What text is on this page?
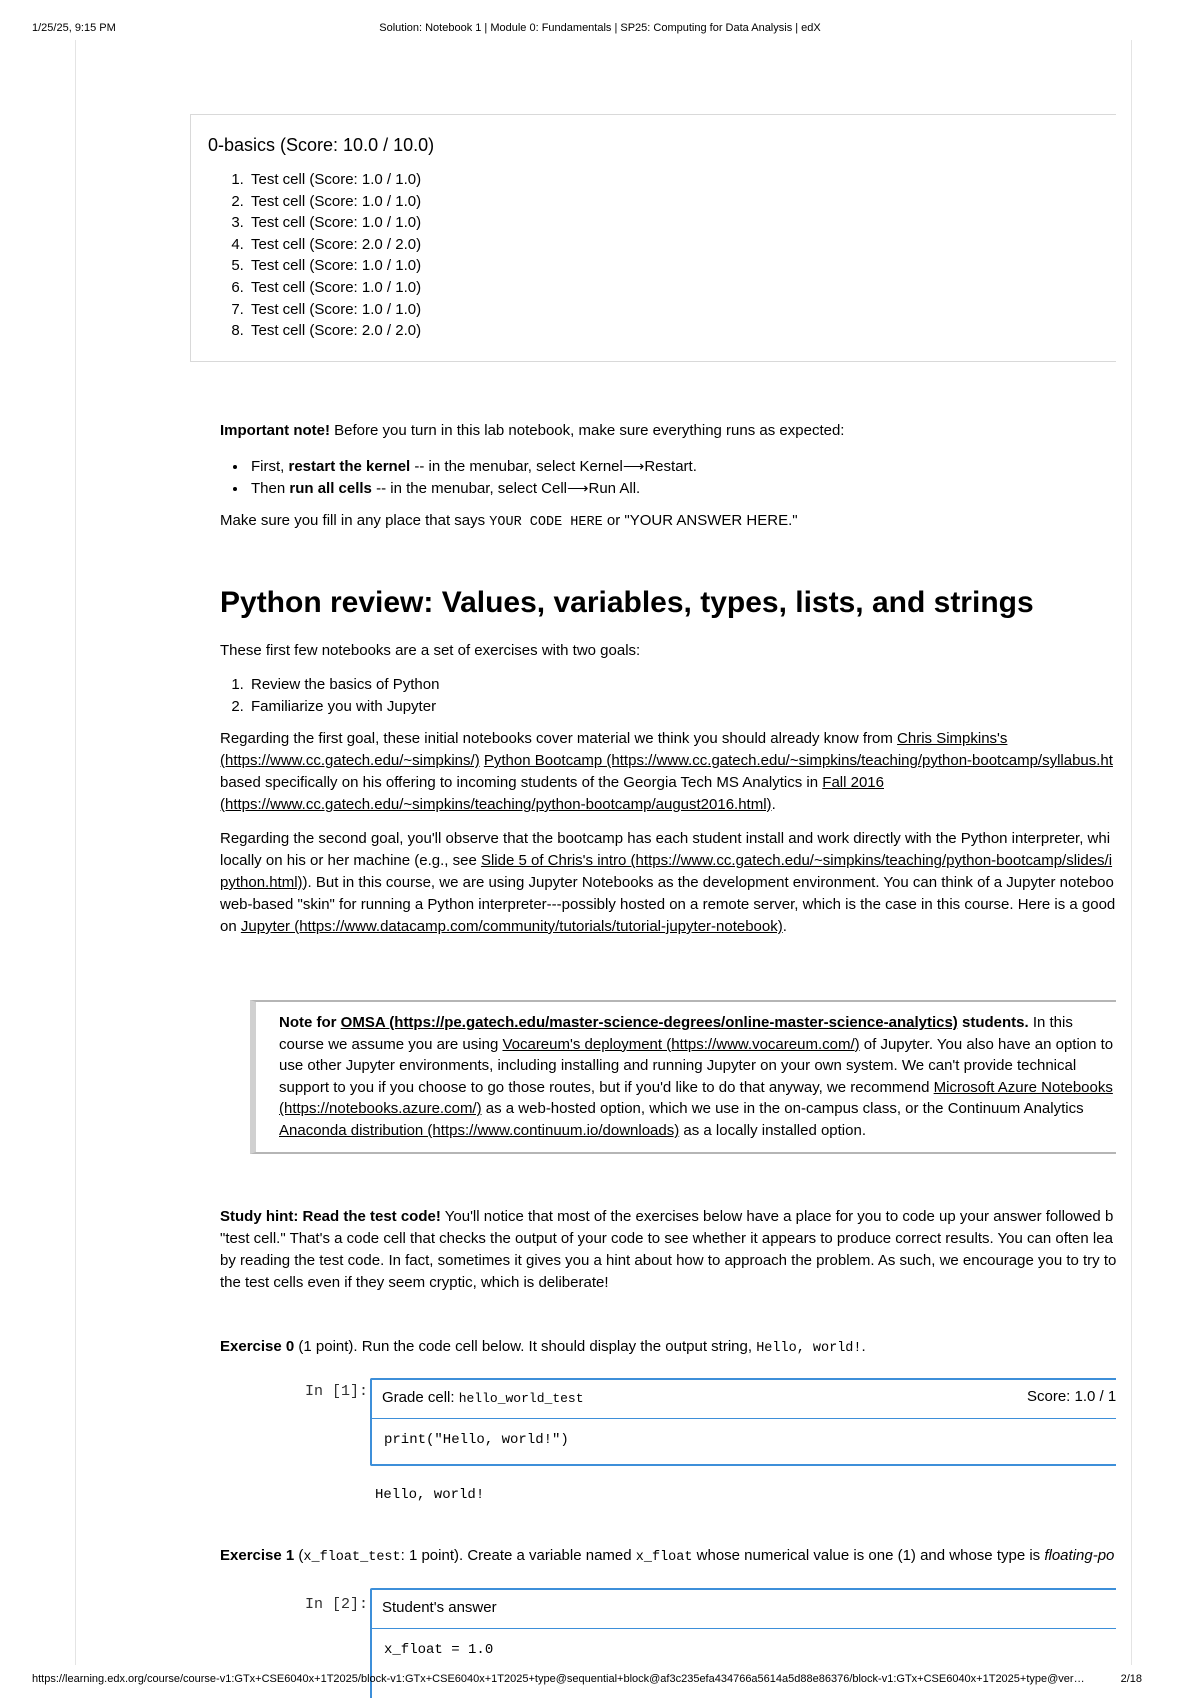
1/25/25, 9:15 PM	Solution: Notebook 1 | Module 0: Fundamentals | SP25: Computing for Data Analysis | edX
0-basics (Score: 10.0 / 10.0)
1. Test cell (Score: 1.0 / 1.0)
2. Test cell (Score: 1.0 / 1.0)
3. Test cell (Score: 1.0 / 1.0)
4. Test cell (Score: 2.0 / 2.0)
5. Test cell (Score: 1.0 / 1.0)
6. Test cell (Score: 1.0 / 1.0)
7. Test cell (Score: 1.0 / 1.0)
8. Test cell (Score: 2.0 / 2.0)
Important note! Before you turn in this lab notebook, make sure everything runs as expected:
• First, restart the kernel -- in the menubar, select Kernel⟶Restart.
• Then run all cells -- in the menubar, select Cell⟶Run All.
Make sure you fill in any place that says YOUR CODE HERE or "YOUR ANSWER HERE."
Python review: Values, variables, types, lists, and strings
These first few notebooks are a set of exercises with two goals:
1. Review the basics of Python
2. Familiarize you with Jupyter
Regarding the first goal, these initial notebooks cover material we think you should already know from Chris Simpkins's
(https://www.cc.gatech.edu/~simpkins/) Python Bootcamp (https://www.cc.gatech.edu/~simpkins/teaching/python-bootcamp/syllabus.ht
based specifically on his offering to incoming students of the Georgia Tech MS Analytics in Fall 2016
(https://www.cc.gatech.edu/~simpkins/teaching/python-bootcamp/august2016.html).
Regarding the second goal, you'll observe that the bootcamp has each student install and work directly with the Python interpreter, whi
locally on his or her machine (e.g., see Slide 5 of Chris's intro (https://www.cc.gatech.edu/~simpkins/teaching/python-bootcamp/slides/i
python.html)). But in this course, we are using Jupyter Notebooks as the development environment. You can think of a Jupyter noteboo
web-based "skin" for running a Python interpreter---possibly hosted on a remote server, which is the case in this course. Here is a good
on Jupyter (https://www.datacamp.com/community/tutorials/tutorial-jupyter-notebook).
Note for OMSA (https://pe.gatech.edu/master-science-degrees/online-master-science-analytics) students. In this
course we assume you are using Vocareum's deployment (https://www.vocareum.com/) of Jupyter. You also have an option to
use other Jupyter environments, including installing and running Jupyter on your own system. We can't provide technical
support to you if you choose to go those routes, but if you'd like to do that anyway, we recommend Microsoft Azure Notebooks
(https://notebooks.azure.com/) as a web-hosted option, which we use in the on-campus class, or the Continuum Analytics
Anaconda distribution (https://www.continuum.io/downloads) as a locally installed option.
Study hint: Read the test code! You'll notice that most of the exercises below have a place for you to code up your answer followed b
"test cell." That's a code cell that checks the output of your code to see whether it appears to produce correct results. You can often lea
by reading the test code. In fact, sometimes it gives you a hint about how to approach the problem. As such, we encourage you to try to
the test cells even if they seem cryptic, which is deliberate!
Exercise 0 (1 point). Run the code cell below. It should display the output string, Hello, world!.
In [1]: Grade cell: hello_world_test	Score: 1.0 / 1
print("Hello, world!")
Hello, world!
Exercise 1 (x_float_test: 1 point). Create a variable named x_float whose numerical value is one (1) and whose type is floating-po
In [2]: Student's answer
x_float = 1.0
https://learning.edx.org/course/course-v1:GTx+CSE6040x+1T2025/block-v1:GTx+CSE6040x+1T2025+type@sequential+block@af3c235efa434766a5614a5d88e86376/block-v1:GTx+CSE6040x+1T2025+type@ver…	2/18
